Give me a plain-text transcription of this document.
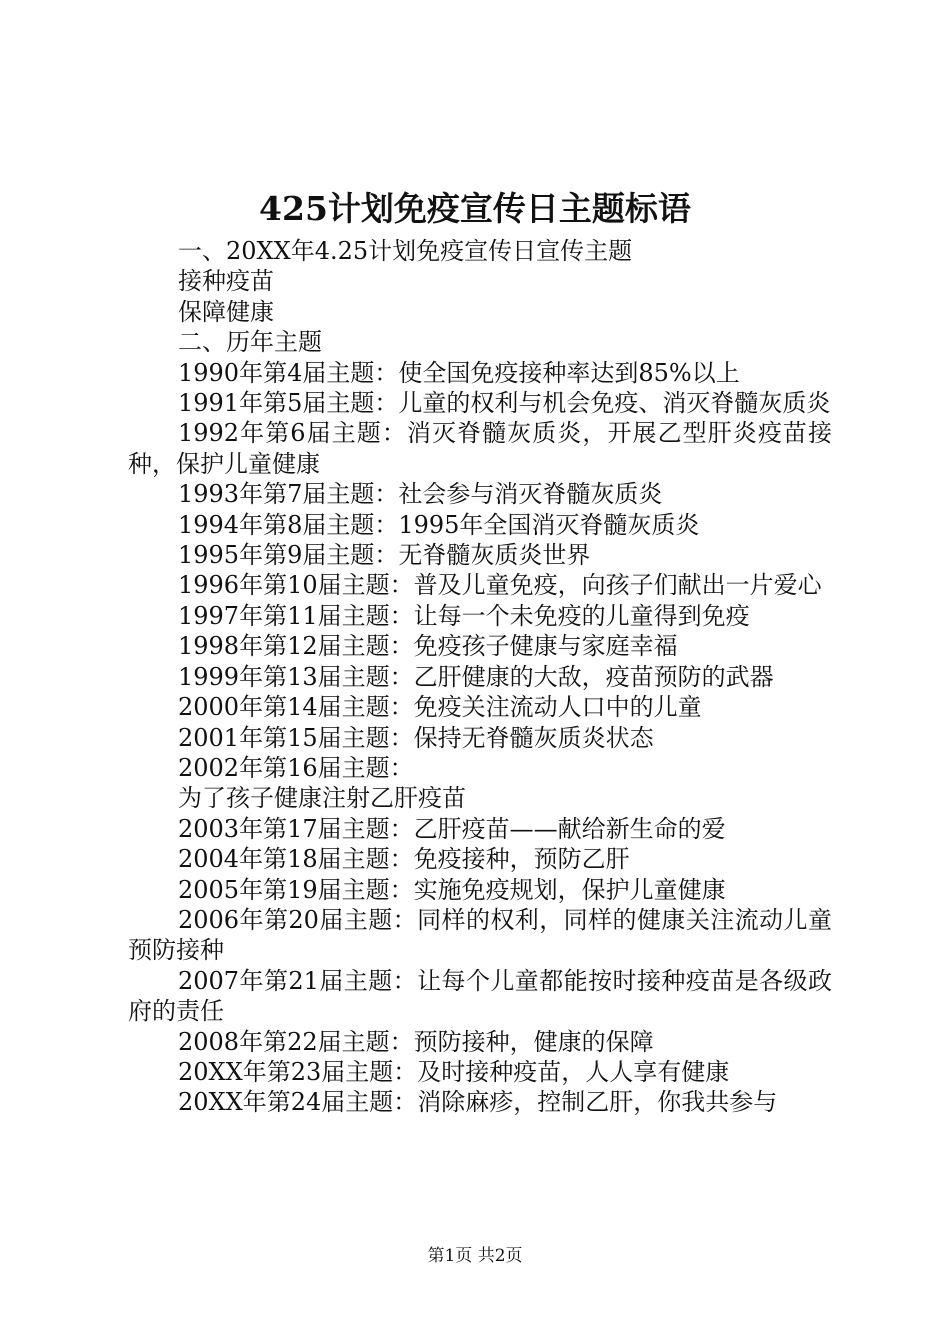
425计划免疫宣传日主题标语

一、20XX年4.25计划免疫宣传日宣传主题

接种疫苗

保障健康

二、历年主题

1990年第4届主题：使全国免疫接种率达到85%以上

1991年第5届主题：儿童的权利与机会免疫、消灭脊髓灰质炎

1992年第6届主题：消灭脊髓灰质炎，开展乙型肝炎疫苗接种，保护儿童健康

1993年第7届主题：社会参与消灭脊髓灰质炎

1994年第8届主题：1995年全国消灭脊髓灰质炎

1995年第9届主题：无脊髓灰质炎世界

1996年第10届主题：普及儿童免疫，向孩子们献出一片爱心

1997年第11届主题：让每一个未免疫的儿童得到免疫

1998年第12届主题：免疫孩子健康与家庭幸福

1999年第13届主题：乙肝健康的大敌，疫苗预防的武器

2000年第14届主题：免疫关注流动人口中的儿童

2001年第15届主题：保持无脊髓灰质炎状态

2002年第16届主题：

为了孩子健康注射乙肝疫苗

2003年第17届主题：乙肝疫苗——献给新生命的爱

2004年第18届主题：免疫接种，预防乙肝

2005年第19届主题：实施免疫规划，保护儿童健康

2006年第20届主题：同样的权利，同样的健康关注流动儿童预防接种

2007年第21届主题：让每个儿童都能按时接种疫苗是各级政府的责任

2008年第22届主题：预防接种，健康的保障

20XX年第23届主题：及时接种疫苗，人人享有健康

20XX年第24届主题：消除麻疹，控制乙肝，你我共参与

第1页 共2页
